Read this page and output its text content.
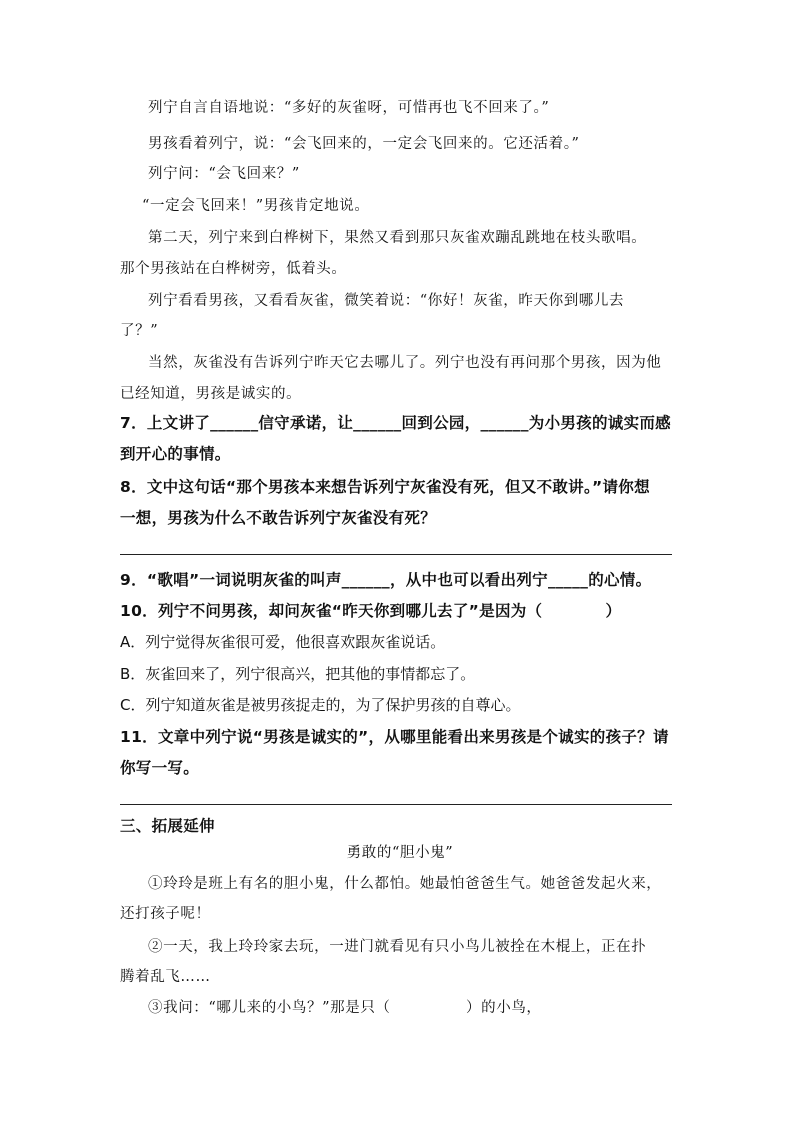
列宁自言自语地说：“多好的灰雀呀，可惜再也飞不回来了。”
男孩看着列宁，说：“会飞回来的，一定会飞回来的。它还活着。”
列宁问：“会飞回来？”
“一定会飞回来！”男孩肯定地说。
第二天，列宁来到白桦树下，果然又看到那只灰雀欢蹦乱跳地在枝头歌唱。
那个男孩站在白桦树旁，低着头。
列宁看看男孩，又看看灰雀，微笑着说：“你好！灰雀，昨天你到哪儿去
了？”
当然，灰雀没有告诉列宁昨天它去哪儿了。列宁也没有再问那个男孩，因为他
已经知道，男孩是诚实的。
7．上文讲了______信守承诺，让______回到公园，______为小男孩的诚实而感
到开心的事情。
8．文中这句话“那个男孩本来想告诉列宁灰雀没有死，但又不敢讲。”请你想
一想，男孩为什么不敢告诉列宁灰雀没有死？
9．“歌唱”一词说明灰雀的叫声______，从中也可以看出列宁_____的心情。
10．列宁不问男孩，却问灰雀“昨天你到哪儿去了”是因为（　　　　）
A．列宁觉得灰雀很可爱，他很喜欢跟灰雀说话。
B．灰雀回来了，列宁很高兴，把其他的事情都忘了。
C．列宁知道灰雀是被男孩捉走的，为了保护男孩的自尊心。
11．文章中列宁说“男孩是诚实的”，从哪里能看出来男孩是个诚实的孩子？请
你写一写。
三、拓展延伸
勇敢的“胆小鬼”
①玲玲是班上有名的胆小鬼，什么都怕。她最怕爸爸生气。她爸爸发起火来，
还打孩子呢！
②一天，我上玲玲家去玩，一进门就看见有只小鸟儿被拴在木棍上，正在扑
腾着乱飞……
③我问：“哪儿来的小鸟？”那是只（　　　　　）的小鸟，
